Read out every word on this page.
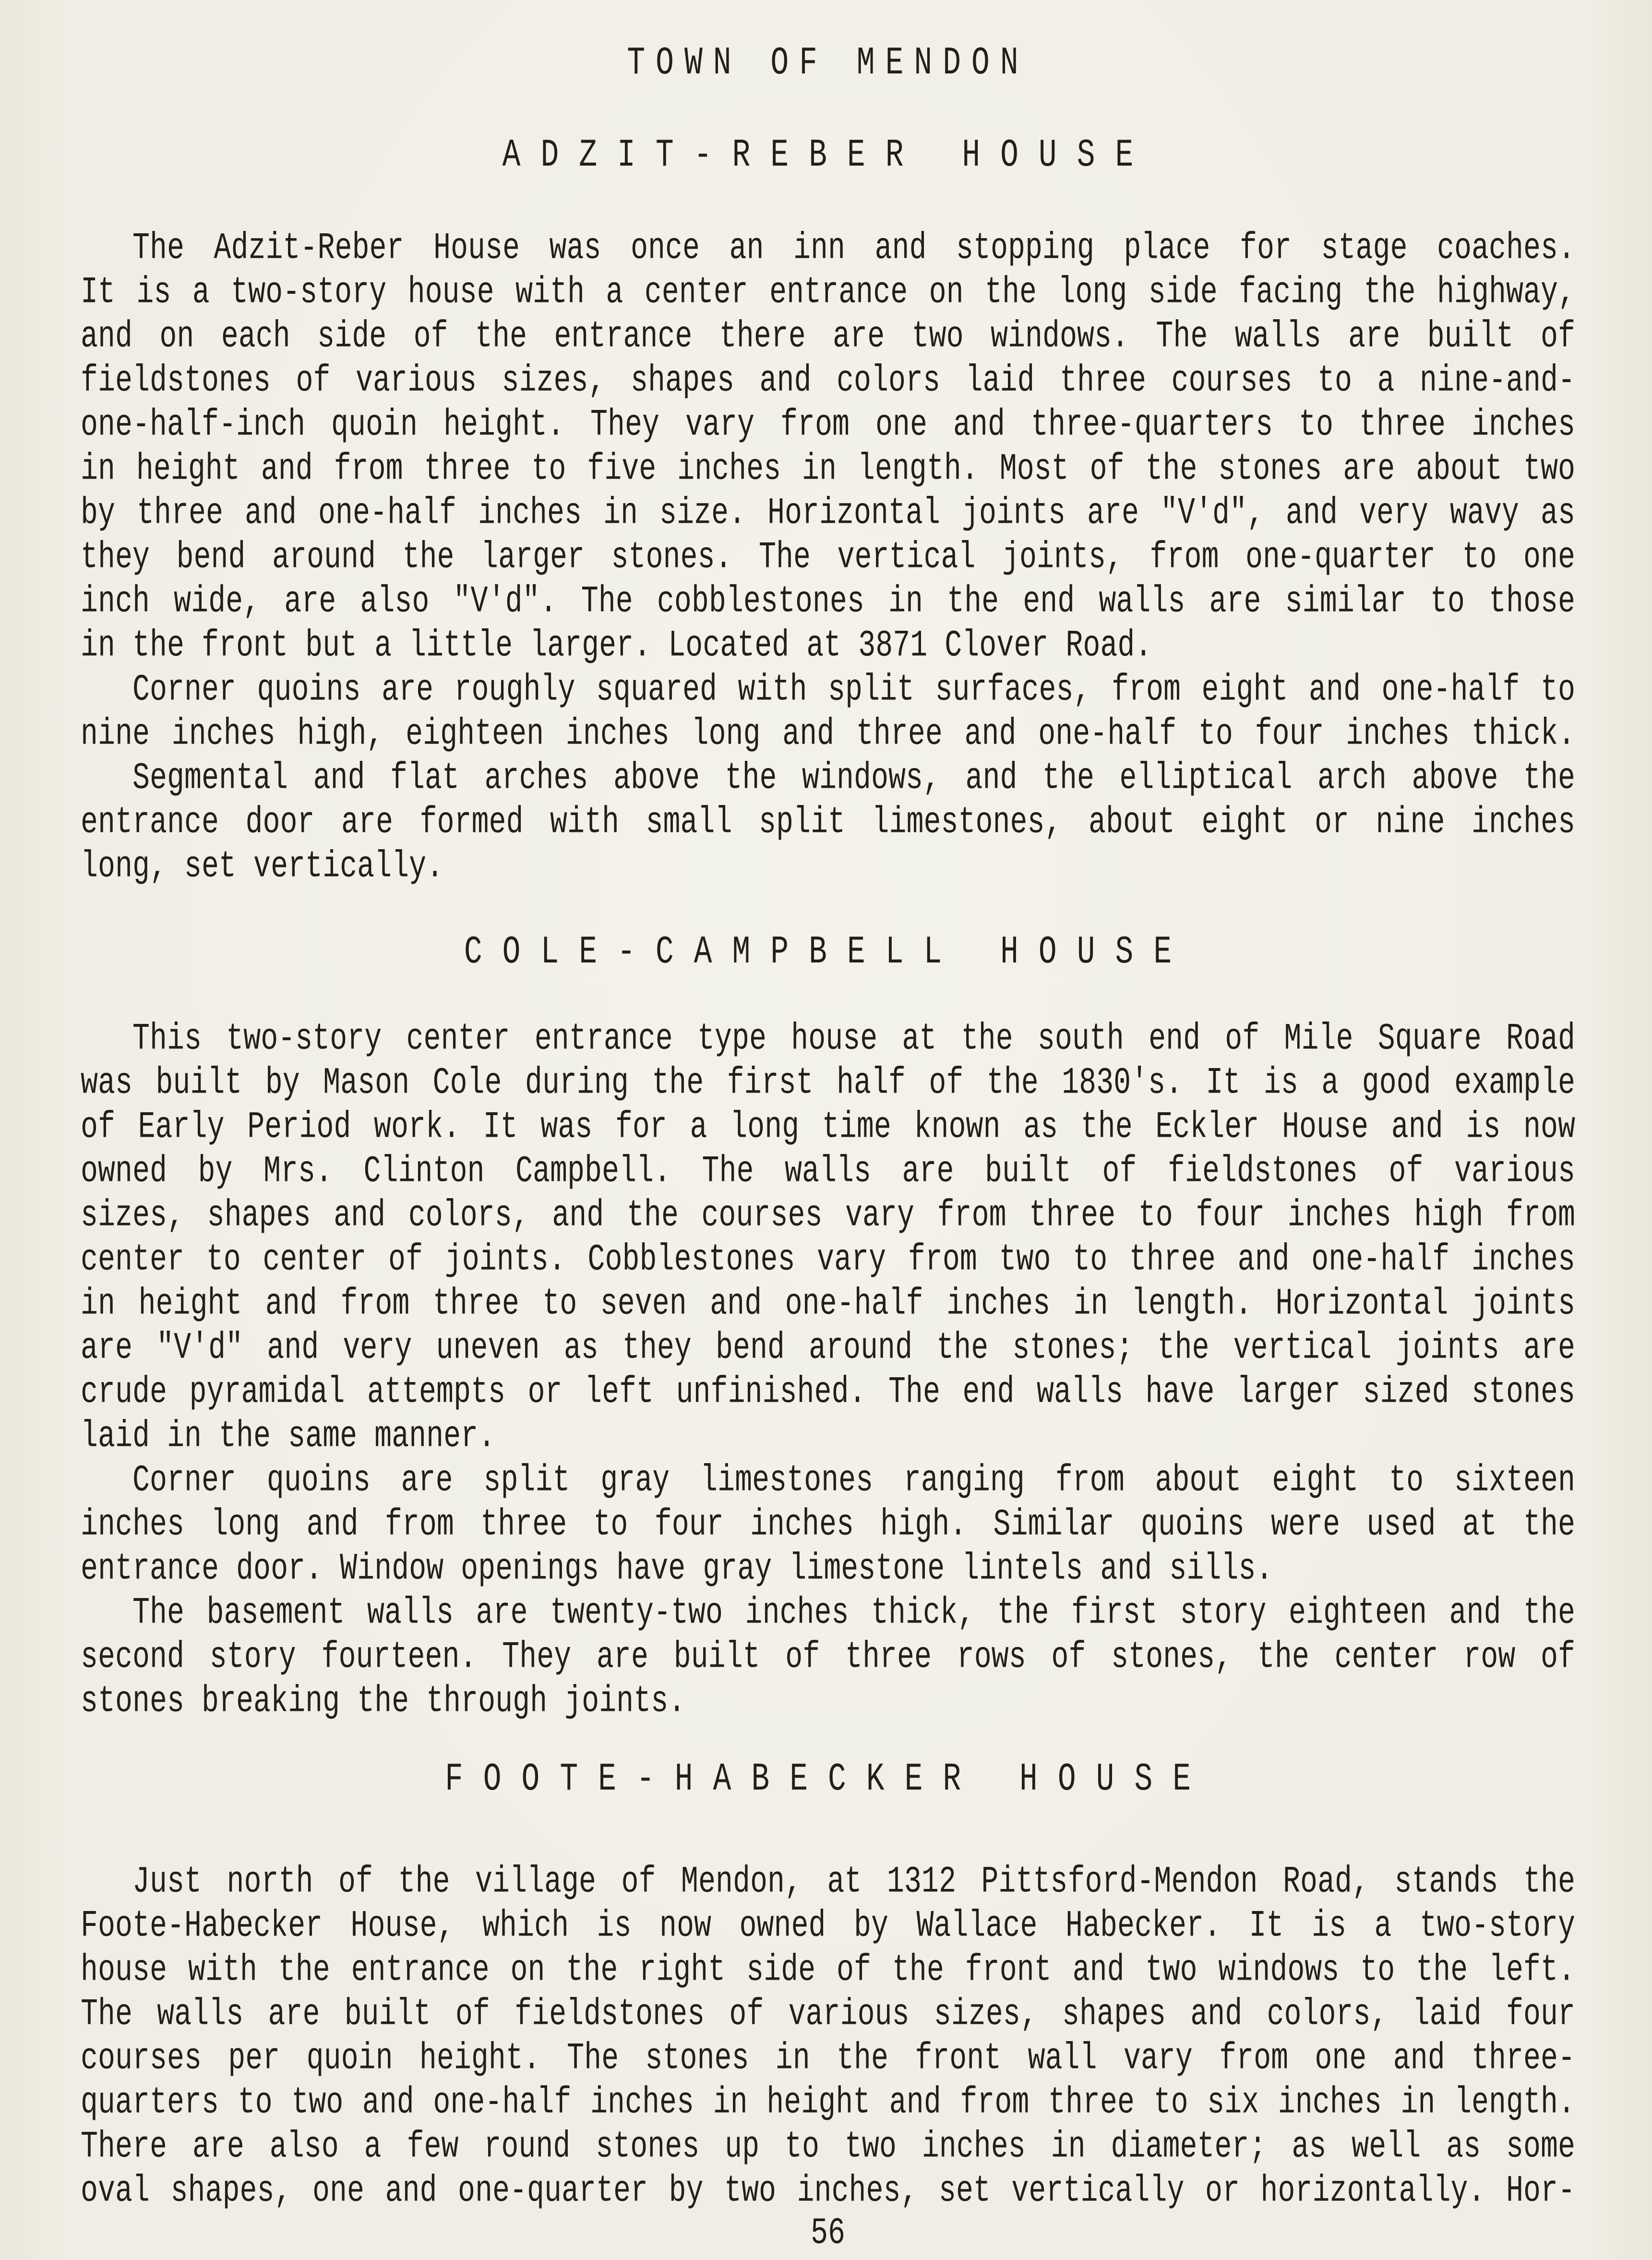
TOWN OF MENDON
ADZIT-REBER HOUSE
The Adzit-Reber House was once an inn and stopping place for stage coaches.
It is a two-story house with a center entrance on the long side facing the highway,
and on each side of the entrance there are two windows. The walls are built of
fieldstones of various sizes, shapes and colors laid three courses to a nine-and-
one-half-inch quoin height. They vary from one and three-quarters to three inches
in height and from three to five inches in length. Most of the stones are about two
by three and one-half inches in size. Horizontal joints are "V'd", and very wavy as
they bend around the larger stones. The vertical joints, from one-quarter to one
inch wide, are also "V'd". The cobblestones in the end walls are similar to those
in the front but a little larger. Located at 3871 Clover Road.
Corner quoins are roughly squared with split surfaces, from eight and one-half to
nine inches high, eighteen inches long and three and one-half to four inches thick.
Segmental and flat arches above the windows, and the elliptical arch above the
entrance door are formed with small split limestones, about eight or nine inches
long, set vertically.
COLE-CAMPBELL HOUSE
This two-story center entrance type house at the south end of Mile Square Road
was built by Mason Cole during the first half of the 1830's. It is a good example
of Early Period work. It was for a long time known as the Eckler House and is now
owned by Mrs. Clinton Campbell. The walls are built of fieldstones of various
sizes, shapes and colors, and the courses vary from three to four inches high from
center to center of joints. Cobblestones vary from two to three and one-half inches
in height and from three to seven and one-half inches in length. Horizontal joints
are "V'd" and very uneven as they bend around the stones; the vertical joints are
crude pyramidal attempts or left unfinished. The end walls have larger sized stones
laid in the same manner.
Corner quoins are split gray limestones ranging from about eight to sixteen
inches long and from three to four inches high. Similar quoins were used at the
entrance door. Window openings have gray limestone lintels and sills.
The basement walls are twenty-two inches thick, the first story eighteen and the
second story fourteen. They are built of three rows of stones, the center row of
stones breaking the through joints.
FOOTE-HABECKER HOUSE
Just north of the village of Mendon, at 1312 Pittsford-Mendon Road, stands the
Foote-Habecker House, which is now owned by Wallace Habecker. It is a two-story
house with the entrance on the right side of the front and two windows to the left.
The walls are built of fieldstones of various sizes, shapes and colors, laid four
courses per quoin height. The stones in the front wall vary from one and three-
quarters to two and one-half inches in height and from three to six inches in length.
There are also a few round stones up to two inches in diameter; as well as some
oval shapes, one and one-quarter by two inches, set vertically or horizontally. Hor-
56
